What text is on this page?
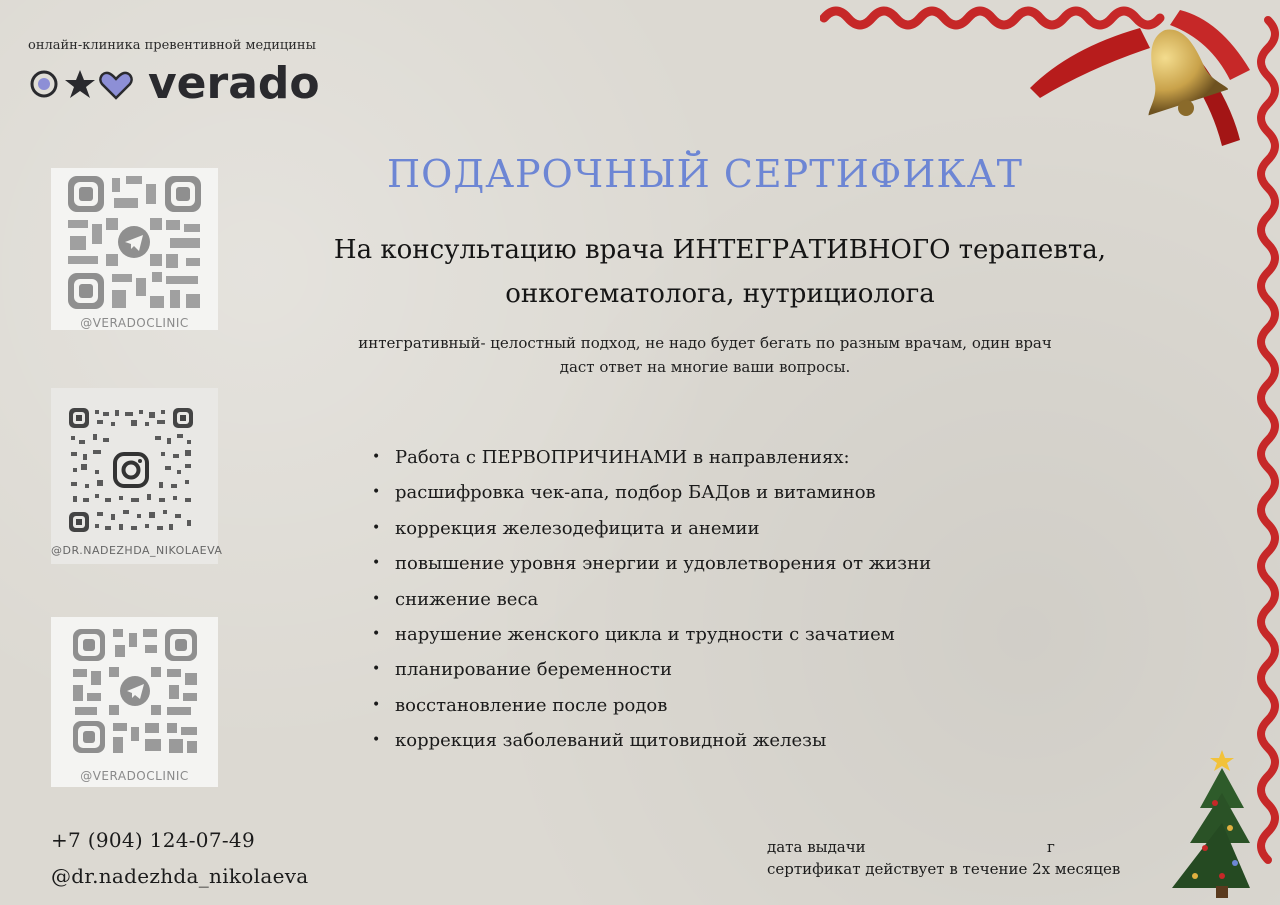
онлайн-клиника превентивной медицины
verado
ПОДАРОЧНЫЙ СЕРТИФИКАТ
На консультацию врача ИНТЕГРАТИВНОГО терапевта,
онкогематолога, нутрициолога
интегративный- целостный подход, не надо будет бегать по разным врачам, один врач
даст ответ на многие ваши вопросы.
• Работа с ПЕРВОПРИЧИНАМИ в направлениях:
• расшифровка чек-апа, подбор БАДов и витаминов
• коррекция железодефицита и анемии
• повышение уровня энергии и удовлетворения от жизни
• снижение веса
• нарушение женского цикла и трудности с зачатием
• планирование беременности
• восстановление после родов
• коррекция заболеваний щитовидной железы
@VERADOCLINIC
@DR.NADEZHDA_NIKOLAEVA
@VERADOCLINIC
+7 (904) 124-07-49
@dr.nadezhda_nikolaeva
дата выдачи	г
сертификат действует в течение 2х месяцев
